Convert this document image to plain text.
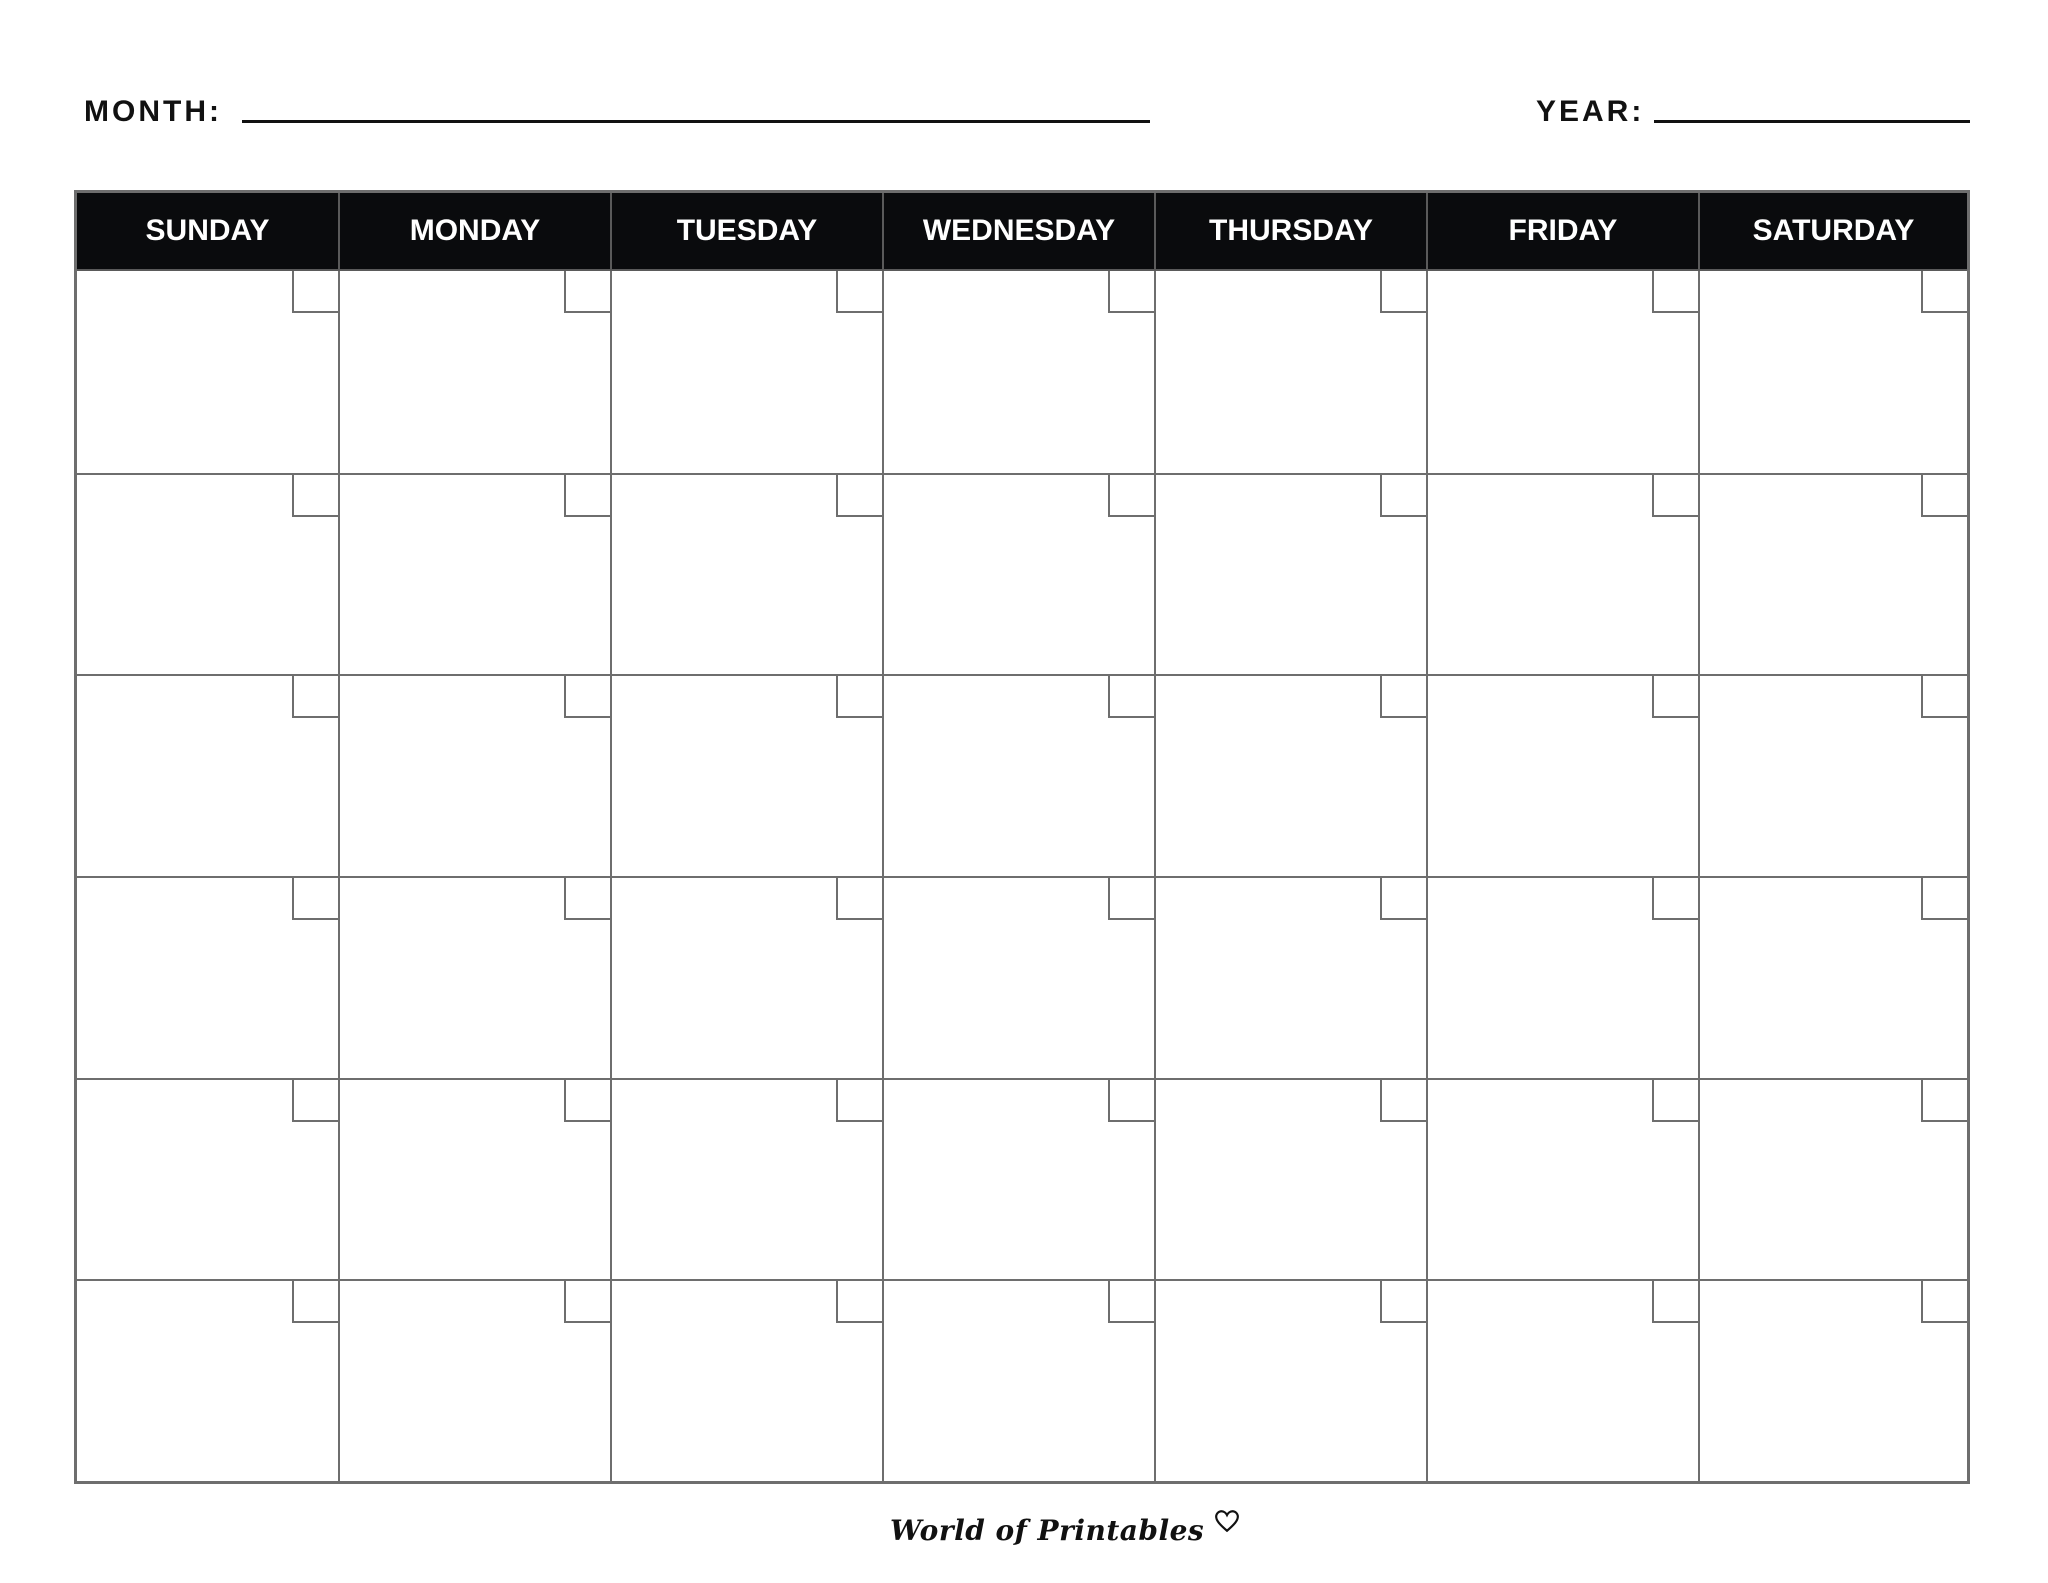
MONTH:	YEAR:
SUNDAY	MONDAY	TUESDAY	WEDNESDAY	THURSDAY	FRIDAY	SATURDAY
World of Printables
